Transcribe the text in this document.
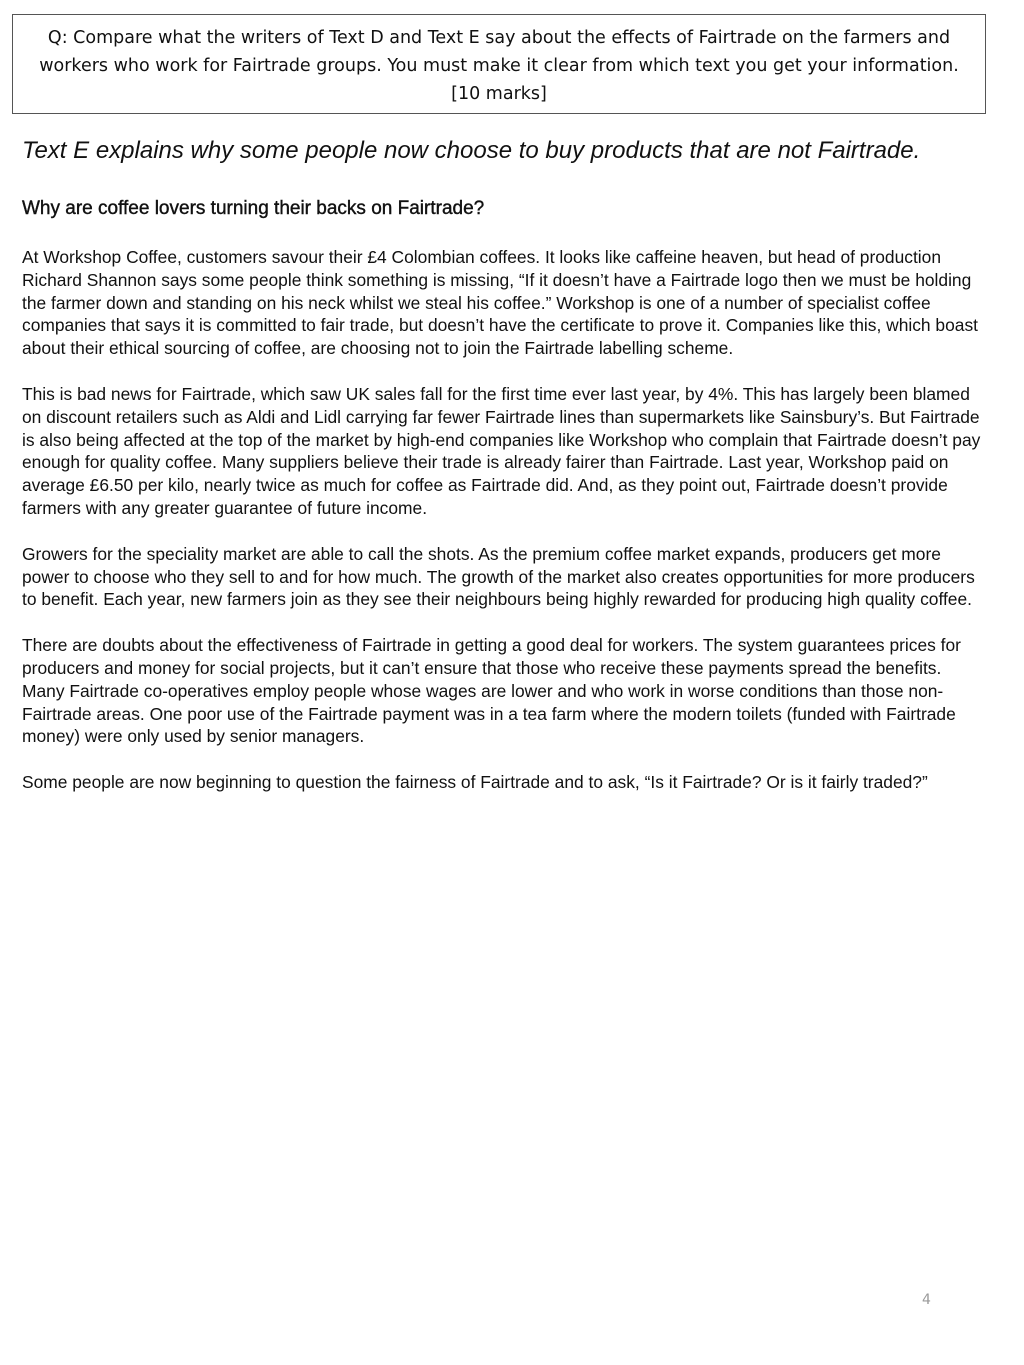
Q: Compare what the writers of Text D and Text E say about the effects of Fairtrade on the farmers and
workers who work for Fairtrade groups. You must make it clear from which text you get your information.
[10 marks]
Text E explains why some people now choose to buy products that are not Fairtrade.
Why are coffee lovers turning their backs on Fairtrade?

At Workshop Coffee, customers savour their £4 Colombian coffees. It looks like caffeine heaven, but head of production Richard Shannon says some people think something is missing, “If it doesn’t have a Fairtrade logo then we must be holding the farmer down and standing on his neck whilst we steal his coffee.” Workshop is one of a number of specialist coffee companies that says it is committed to fair trade, but doesn’t have the certificate to prove it. Companies like this, which boast about their ethical sourcing of coffee, are choosing not to join the Fairtrade labelling scheme.

This is bad news for Fairtrade, which saw UK sales fall for the first time ever last year, by 4%. This has largely been blamed on discount retailers such as Aldi and Lidl carrying far fewer Fairtrade lines than supermarkets like Sainsbury’s. But Fairtrade is also being affected at the top of the market by high-end companies like Workshop who complain that Fairtrade doesn’t pay enough for quality coffee. Many suppliers believe their trade is already fairer than Fairtrade. Last year, Workshop paid on average £6.50 per kilo, nearly twice as much for coffee as Fairtrade did. And, as they point out, Fairtrade doesn’t provide farmers with any greater guarantee of future income.

Growers for the speciality market are able to call the shots. As the premium coffee market expands, producers get more power to choose who they sell to and for how much. The growth of the market also creates opportunities for more producers to benefit. Each year, new farmers join as they see their neighbours being highly rewarded for producing high quality coffee.

There are doubts about the effectiveness of Fairtrade in getting a good deal for workers. The system guarantees prices for producers and money for social projects, but it can’t ensure that those who receive these payments spread the benefits. Many Fairtrade co-operatives employ people whose wages are lower and who work in worse conditions than those non-Fairtrade areas. One poor use of the Fairtrade payment was in a tea farm where the modern toilets (funded with Fairtrade money) were only used by senior managers.

Some people are now beginning to question the fairness of Fairtrade and to ask, “Is it Fairtrade? Or is it fairly traded?”

4
